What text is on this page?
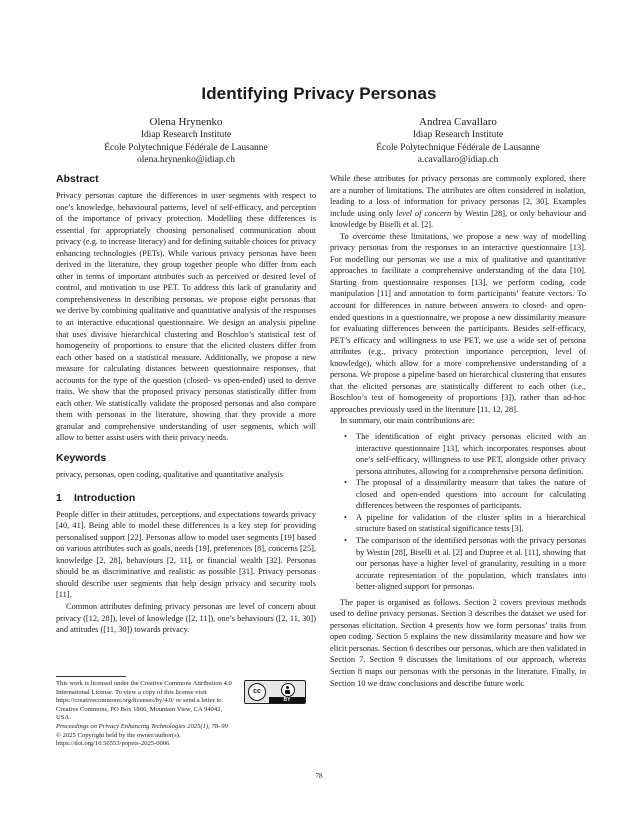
Identifying Privacy Personas
Olena Hrynenko
Idiap Research Institute
École Polytechnique Fédérale de Lausanne
olena.hrynenko@idiap.ch
Andrea Cavallaro
Idiap Research Institute
École Polytechnique Fédérale de Lausanne
a.cavallaro@idiap.ch
Abstract

Privacy personas capture the differences in user segments with respect to one’s knowledge, behavioural patterns, level of self-efficacy, and perception of the importance of privacy protection. Modelling these differences is essential for appropriately choosing personalised communication about privacy (e.g. to increase literacy) and for defining suitable choices for privacy enhancing technologies (PETs). While various privacy personas have been derived in the literature, they group together people who differ from each other in terms of important attributes such as perceived or desired level of control, and motivation to use PET. To address this lack of granularity and comprehensiveness in describing personas, we propose eight personas that we derive by combining qualitative and quantitative analysis of the responses to an interactive educational questionnaire. We design an analysis pipeline that uses divisive hierarchical clustering and Boschloo’s statistical test of homogeneity of proportions to ensure that the elicited clusters differ from each other based on a statistical measure. Additionally, we propose a new measure for calculating distances between questionnaire responses, that accounts for the type of the question (closed- vs open-ended) used to derive traits. We show that the proposed privacy personas statistically differ from each other. We statistically validate the proposed personas and also compare them with personas in the literature, showing that they provide a more granular and comprehensive understanding of user segments, which will allow to better assist users with their privacy needs.

Keywords

privacy, personas, open coding, qualitative and quantitative analysis

1 Introduction

People differ in their attitudes, perceptions, and expectations towards privacy [40, 41]. Being able to model these differences is a key step for providing personalised support [22]. Personas allow to model user segments [19] based on various attributes such as goals, needs [19], preferences [8], concerns [25], knowledge [2, 28], behaviours [2, 11], or financial wealth [32]. Personas should be as discriminative and realistic as possible [31]. Privacy personas should describe user segments that help design privacy and security tools [11].

Common attributes defining privacy personas are level of concern about privacy ([12, 28]), level of knowledge ([2, 11]), one’s behaviours ([2, 11, 30]) and attitudes ([11, 30]) towards privacy.

This work is licensed under the Creative Commons Attribution 4.0 International License. To view a copy of this license visit https://creativecommons.org/licenses/by/4.0/ or send a letter to Creative Commons, PO Box 1866, Mountain View, CA 94042, USA.
Proceedings on Privacy Enhancing Technologies 2025(1), 78–99
© 2025 Copyright held by the owner/author(s).
https://doi.org/10.56553/popets-2025-0006
cc
BY

While these attributes for privacy personas are commonly explored, there are a number of limitations. The attributes are often considered in isolation, leading to a loss of information for privacy personas [2, 30]. Examples include using only level of concern by Westin [28], or only behaviour and knowledge by Biselli et al. [2].

To overcome these limitations, we propose a new way of modelling privacy personas from the responses to an interactive questionnaire [13]. For modelling our personas we use a mix of qualitative and quantitative approaches to facilitate a comprehensive understanding of the data [10]. Starting from questionnaire responses [13], we perform coding, code manipulation [11] and annotation to form participants’ feature vectors. To account for differences in nature between answers to closed- and open-ended questions in a questionnaire, we propose a new dissimilarity measure for evaluating differences between the participants. Besides self-efficacy, PET’s efficacy and willingness to use PET, we use a wide set of persona attributes (e.g., privacy protection importance perception, level of knowledge), which allow for a more comprehensive understanding of a persona. We propose a pipeline based on hierarchical clustering that ensures that the elicited personas are statistically different to each other (i.e., Boschloo’s test of homogeneity of proportions [3]), rather than ad-hoc approaches previously used in the literature [11, 12, 28].

In summary, our main contributions are:

• The identification of eight privacy personas elicited with an interactive questionnaire [13], which incorporates responses about one’s self-efficacy, willingness to use PET, alongside other privacy persona attributes, allowing for a comprehensive persona definition.
• The proposal of a dissimilarity measure that takes the nature of closed and open-ended questions into account for calculating differences between the responses of participants.
• A pipeline for validation of the cluster splits in a hierarchical structure based on statistical significance tests [3].
• The comparison of the identified personas with the privacy personas by Westin [28], Biselli et al. [2] and Dupree et al. [11], showing that our personas have a higher level of granularity, resulting in a more accurate representation of the population, which translates into better-aligned support for personas.

The paper is organised as follows. Section 2 covers previous methods used to define privacy personas. Section 3 describes the dataset we used for personas elicitation. Section 4 presents how we form personas’ traits from open coding. Section 5 explains the new dissimilarity measure and how we elicit personas. Section 6 describes our personas, which are then validated in Section 7. Section 9 discusses the limitations of our approach, whereas Section 8 maps our personas with the personas in the literature. Finally, in Section 10 we draw conclusions and describe future work.

78
